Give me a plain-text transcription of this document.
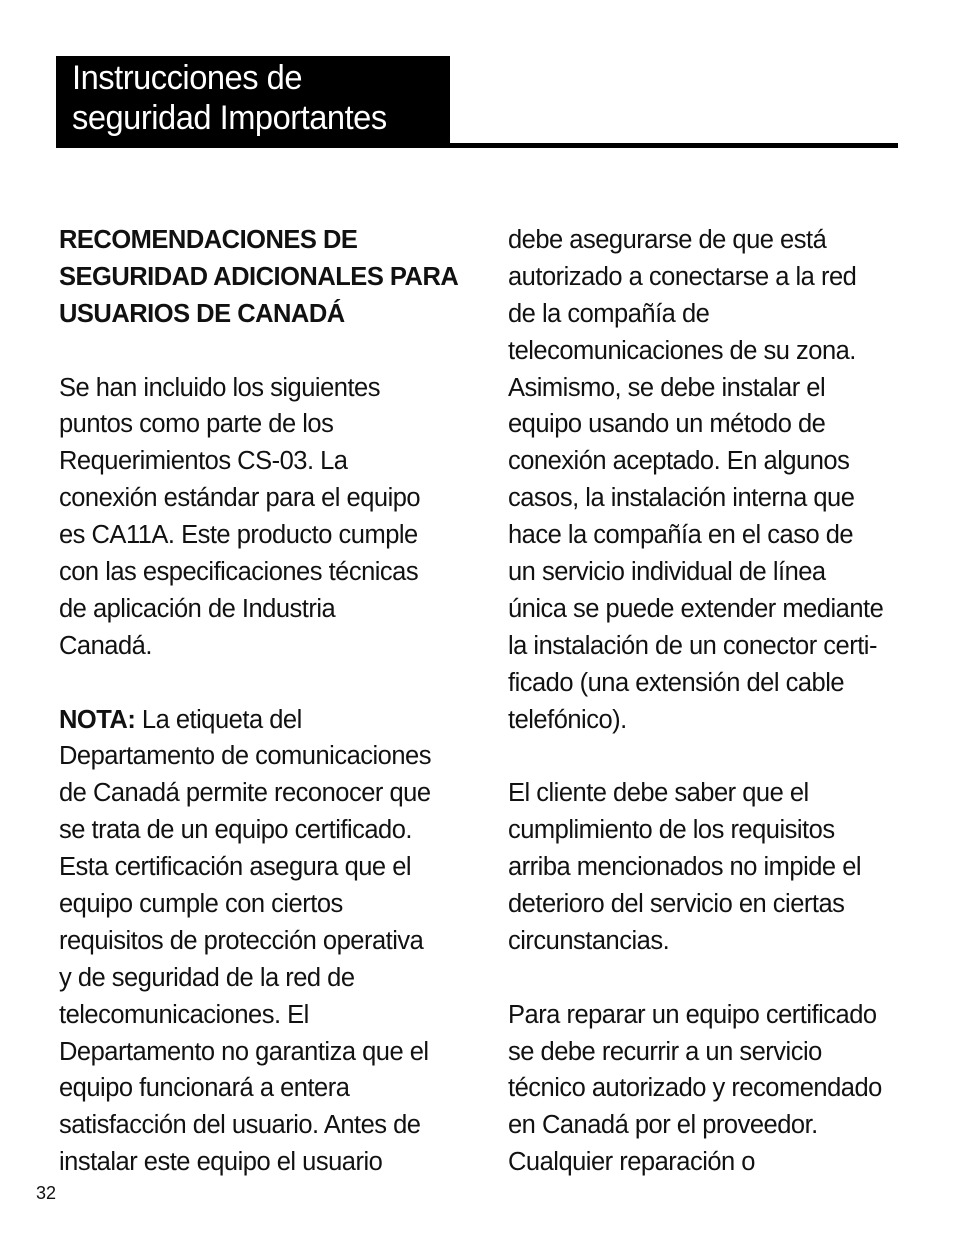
Instrucciones de
seguridad Importantes
RECOMENDACIONES DE
SEGURIDAD ADICIONALES PARA
USUARIOS DE CANADÁ
Se han incluido los siguientes
puntos como parte de los
Requerimientos CS-03. La
conexión estándar para el equipo
es CA11A. Este producto cumple
con las especificaciones técnicas
de aplicación de Industria
Canadá.
NOTA: La etiqueta del
Departamento de comunicaciones
de Canadá permite reconocer que
se trata de un equipo certificado.
Esta certificación asegura que el
equipo cumple con ciertos
requisitos de protección operativa
y de seguridad de la red de
telecomunicaciones. El
Departamento no garantiza que el
equipo funcionará a entera
satisfacción del usuario. Antes de
instalar este equipo el usuario
debe asegurarse de que está
autorizado a conectarse a la red
de la compañía de
telecomunicaciones de su zona.
Asimismo, se debe instalar el
equipo usando un método de
conexión aceptado. En algunos
casos, la instalación interna que
hace la compañía en el caso de
un servicio individual de línea
única se puede extender mediante
la instalación de un conector certi-
ficado (una extensión del cable
telefónico).
El cliente debe saber que el
cumplimiento de los requisitos
arriba mencionados no impide el
deterioro del servicio en ciertas
circunstancias.
Para reparar un equipo certificado
se debe recurrir a un servicio
técnico autorizado y recomendado
en Canadá por el proveedor.
Cualquier reparación o
32
